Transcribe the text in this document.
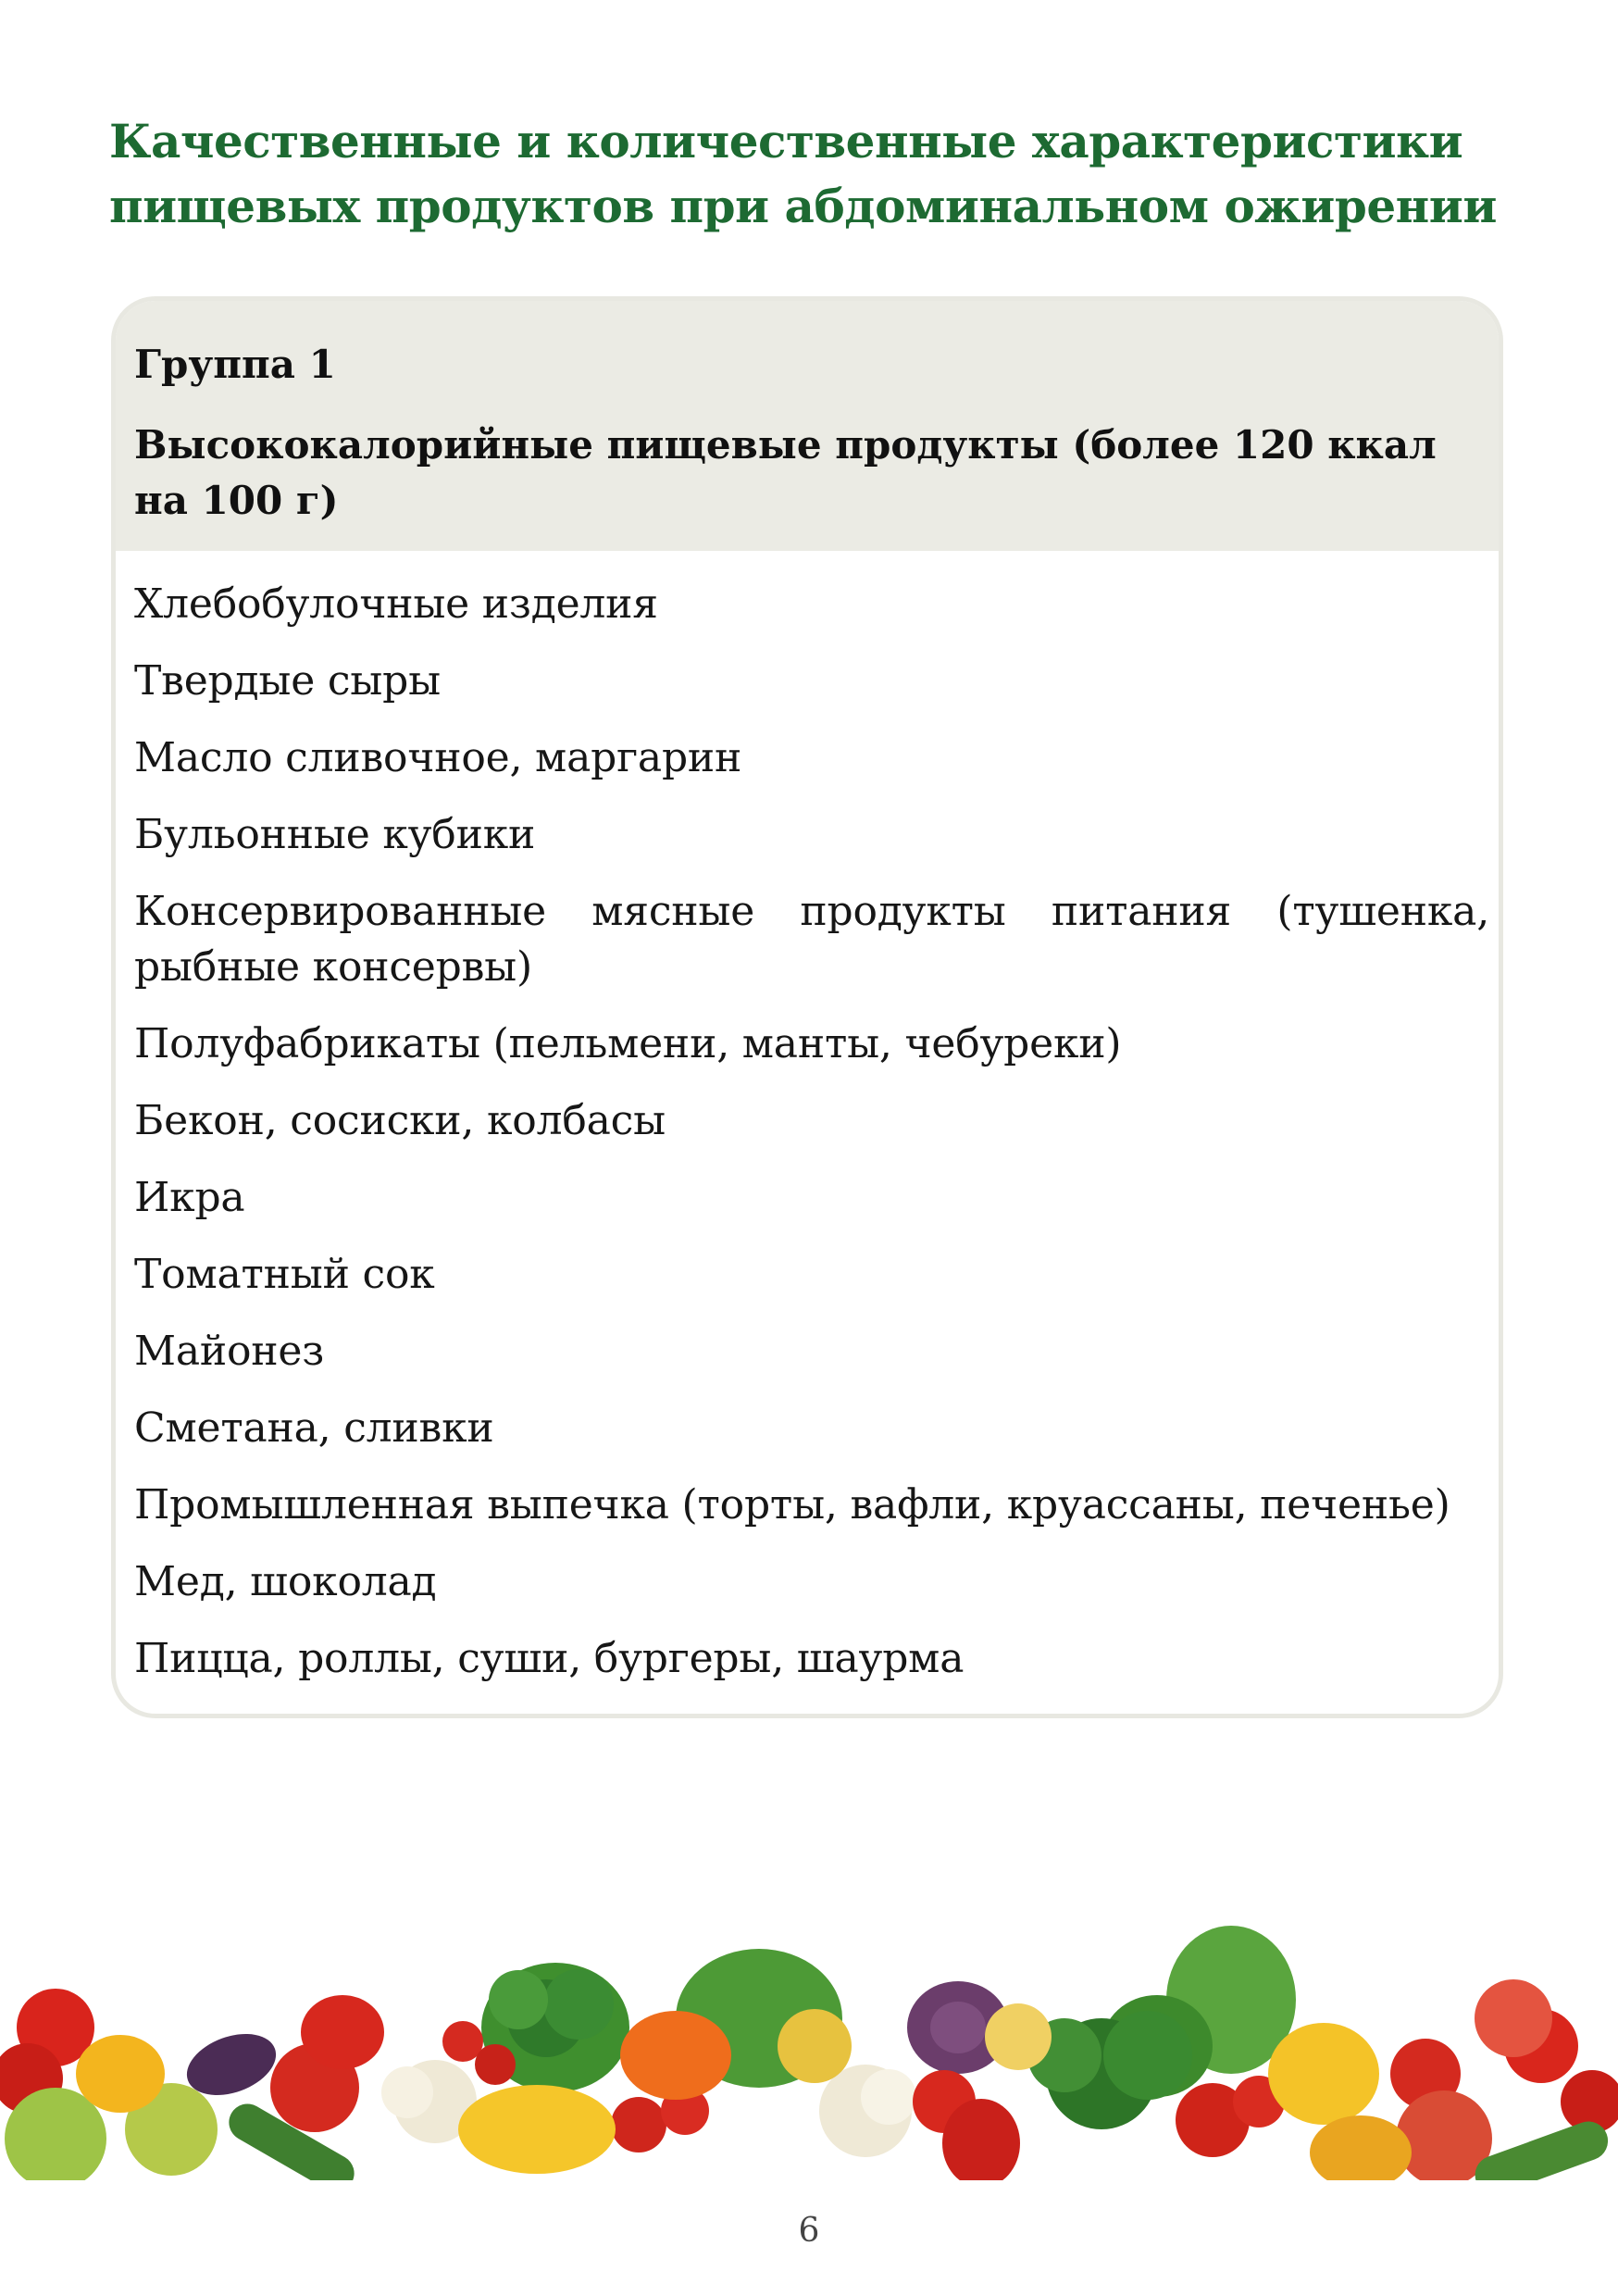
Качественные и количественные характеристики пищевых продуктов при абдоминальном ожирении
Группа 1
Высококалорийные пищевые продукты (более 120 ккал на 100 г)
Хлебобулочные изделия
Твердые сыры
Масло сливочное, маргарин
Бульонные кубики
Консервированные мясные продукты питания (тушенка, рыбные консервы)
Полуфабрикаты (пельмени, манты, чебуреки)
Бекон, сосиски, колбасы
Икра
Томатный сок
Майонез
Сметана, сливки
Промышленная выпечка (торты, вафли, круассаны, печенье)
Мед, шоколад
Пицца, роллы, суши, бургеры, шаурма
6
